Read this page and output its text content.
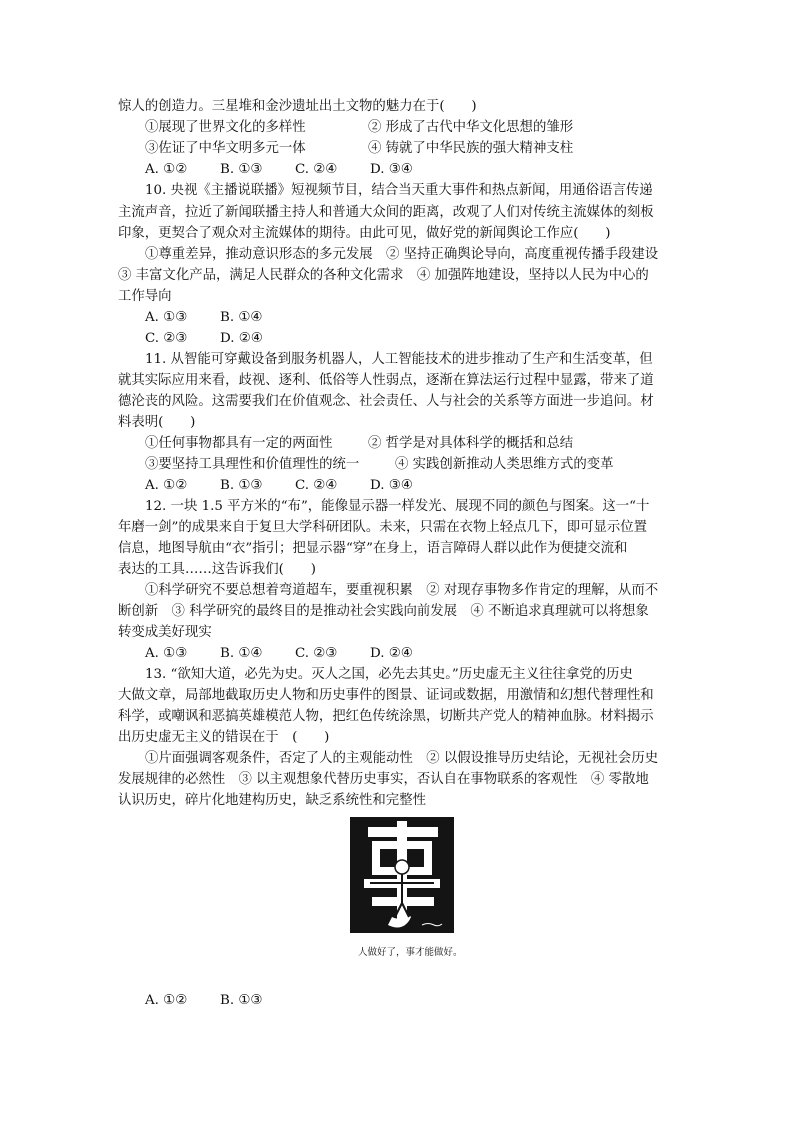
惊人的创造力。三星堆和金沙遗址出土文物的魅力在于(　　)
①展现了世界文化的多样性	② 形成了古代中华文化思想的雏形
③佐证了中华文明多元一体	④ 铸就了中华民族的强大精神支柱
A. ①② B. ①③ C. ②④ D. ③④
10. 央视《主播说联播》短视频节目，结合当天重大事件和热点新闻，用通俗语言传递
主流声音，拉近了新闻联播主持人和普通大众间的距离，改观了人们对传统主流媒体的刻板
印象，更契合了观众对主流媒体的期待。由此可见，做好党的新闻舆论工作应(　　)
①尊重差异，推动意识形态的多元发展　② 坚持正确舆论导向，高度重视传播手段建设
③ 丰富文化产品，满足人民群众的各种文化需求　④ 加强阵地建设，坚持以人民为中心的
工作导向
A. ①③ B. ①④
C. ②③ D. ②④
11. 从智能可穿戴设备到服务机器人，人工智能技术的进步推动了生产和生活变革，但
就其实际应用来看，歧视、逐利、低俗等人性弱点，逐渐在算法运行过程中显露，带来了道
德沦丧的风险。这需要我们在价值观念、社会责任、人与社会的关系等方面进一步追问。材
料表明(　　)
①任何事物都具有一定的两面性	② 哲学是对具体科学的概括和总结
③要坚持工具理性和价值理性的统一	④ 实践创新推动人类思维方式的变革
A. ①② B. ①③ C. ②④ D. ③④
12. 一块 1.5 平方米的“布”，能像显示器一样发光、展现不同的颜色与图案。这一“十
年磨一剑”的成果来自于复旦大学科研团队。未来，只需在衣物上轻点几下，即可显示位置
信息，地图导航由“衣”指引；把显示器“穿”在身上，语言障碍人群以此作为便捷交流和
表达的工具……这告诉我们(　　)
①科学研究不要总想着弯道超车，要重视积累　② 对现存事物多作肯定的理解，从而不
断创新　③ 科学研究的最终目的是推动社会实践向前发展　④ 不断追求真理就可以将想象
转变成美好现实
A. ①③ B. ①④ C. ②③ D. ②④
13. “欲知大道，必先为史。灭人之国，必先去其史。”历史虚无主义往往拿党的历史
大做文章，局部地截取历史人物和历史事件的图景、证词或数据，用激情和幻想代替理性和
科学，或嘲讽和恶搞英雄模范人物，把红色传统涂黑，切断共产党人的精神血脉。材料揭示
出历史虚无主义的错误在于　(　　)
①片面强调客观条件，否定了人的主观能动性　② 以假设推导历史结论，无视社会历史
发展规律的必然性　③ 以主观想象代替历史事实，否认自在事物联系的客观性　④ 零散地
认识历史，碎片化地建构历史，缺乏系统性和完整性
人做好了，事才能做好。
A. ①② B. ①③
